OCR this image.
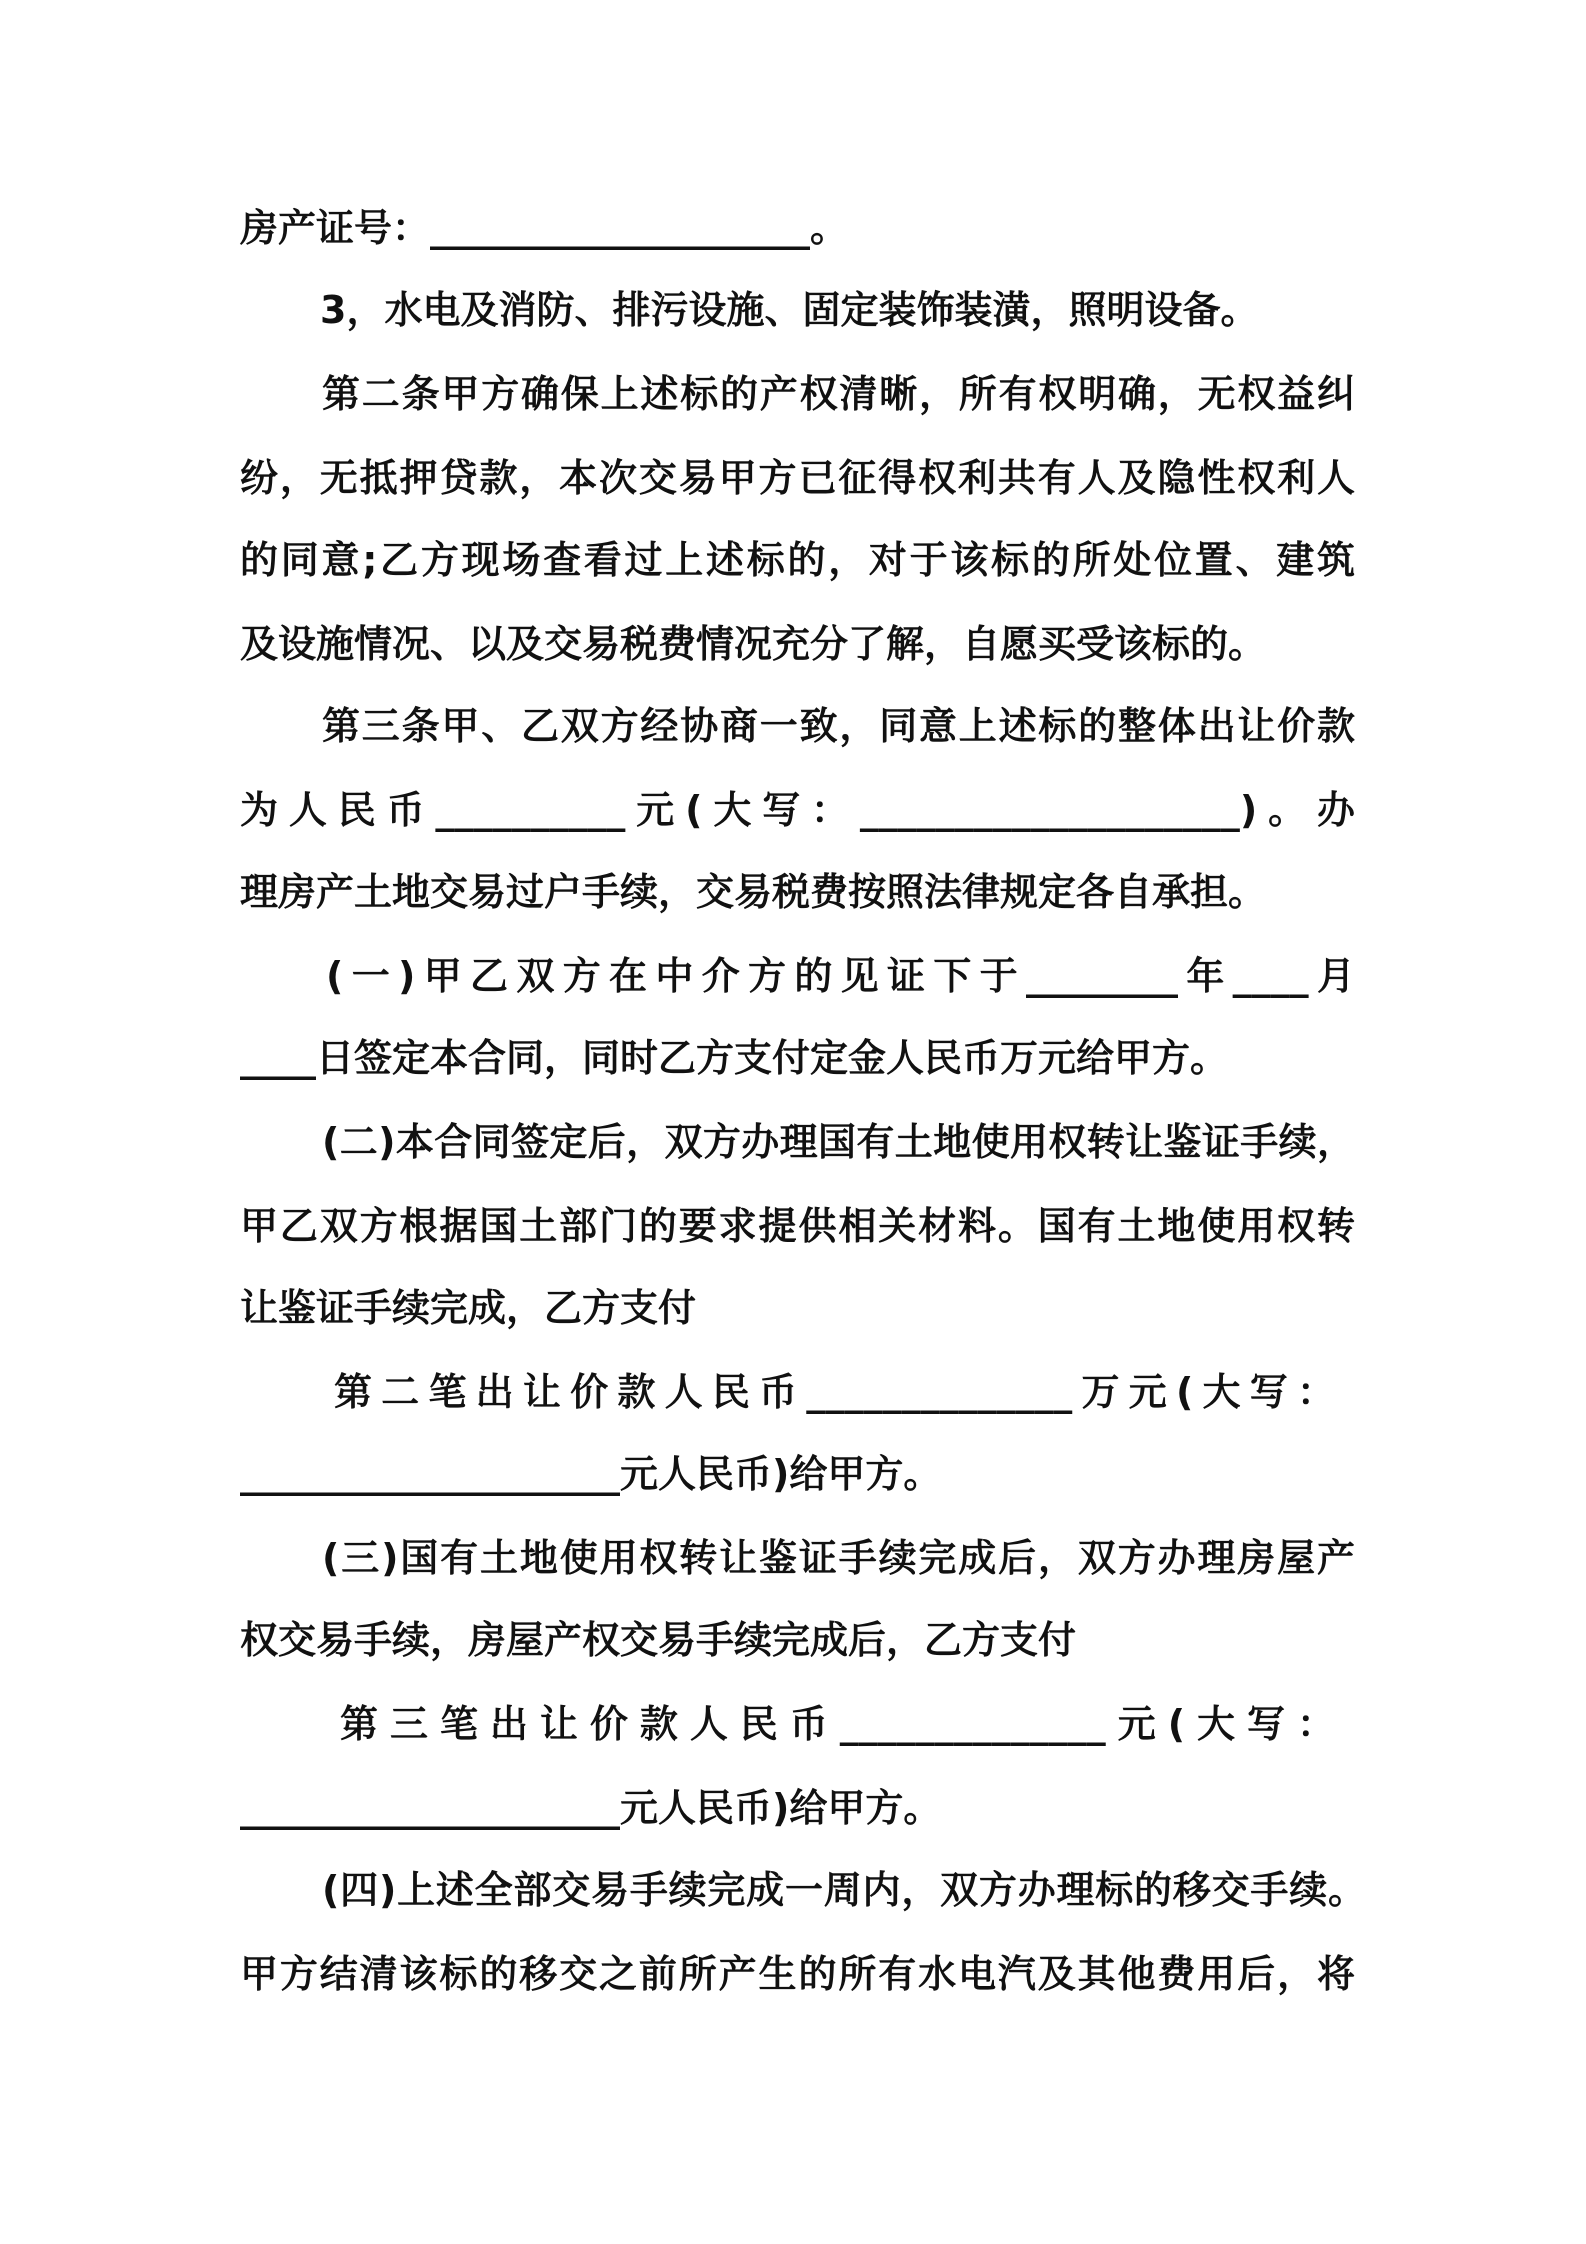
房产证号：____________________。
3，水电及消防、排污设施、固定装饰装潢，照明设备。
第二条甲方确保上述标的产权清晰，所有权明确，无权益纠
纷，无抵押贷款，本次交易甲方已征得权利共有人及隐性权利人
的同意;乙方现场查看过上述标的，对于该标的所处位置、建筑
及设施情况、以及交易税费情况充分了解，自愿买受该标的。
第三条甲、乙双方经协商一致，同意上述标的整体出让价款
为人民币__________元(大写：____________________)。办
理房产土地交易过户手续，交易税费按照法律规定各自承担。
(一)甲乙双方在中介方的见证下于________年____月
____日签定本合同，同时乙方支付定金人民币万元给甲方。
(二)本合同签定后，双方办理国有土地使用权转让鉴证手续，
甲乙双方根据国土部门的要求提供相关材料。国有土地使用权转
让鉴证手续完成，乙方支付
第二笔出让价款人民币______________万元(大写：
____________________元人民币)给甲方。
(三)国有土地使用权转让鉴证手续完成后，双方办理房屋产
权交易手续，房屋产权交易手续完成后，乙方支付
第三笔出让价款人民币______________元(大写：
____________________元人民币)给甲方。
(四)上述全部交易手续完成一周内，双方办理标的移交手续。
甲方结清该标的移交之前所产生的所有水电汽及其他费用后，将
